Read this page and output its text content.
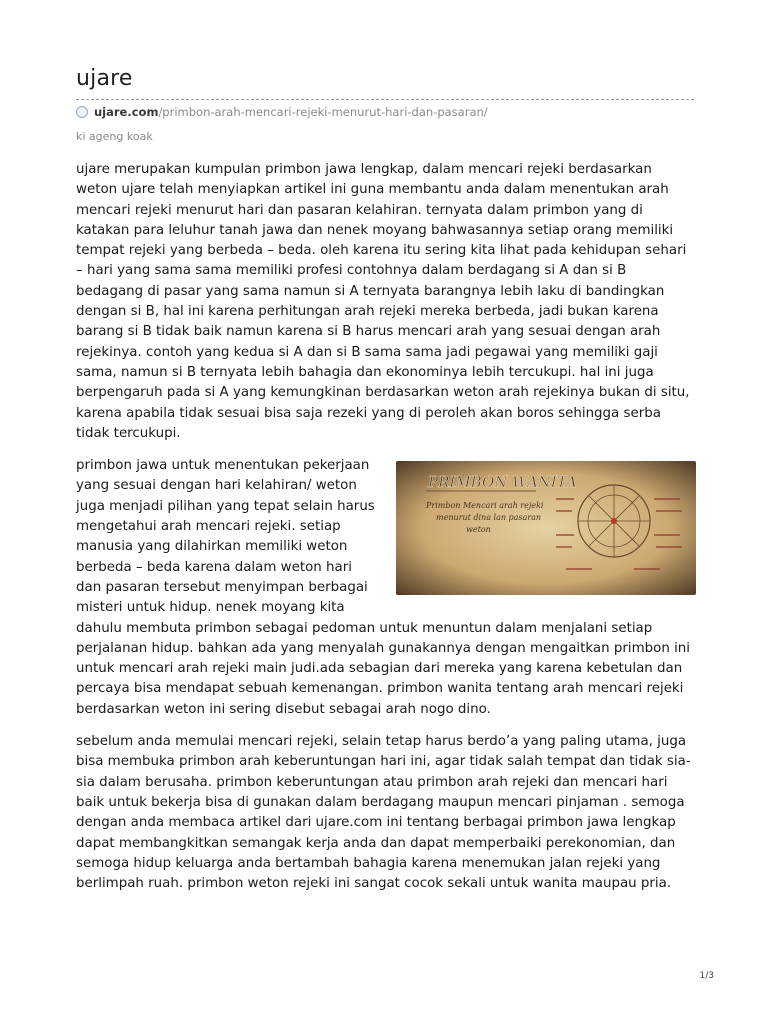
ujare
ujare.com /primbon-arah-mencari-rejeki-menurut-hari-dan-pasaran/
ki ageng koak

ujare merupakan kumpulan primbon jawa lengkap, dalam mencari rejeki berdasarkan weton ujare telah menyiapkan artikel ini guna membantu anda dalam menentukan arah mencari rejeki menurut hari dan pasaran kelahiran. ternyata dalam primbon yang di katakan para leluhur tanah jawa dan nenek moyang bahwasannya setiap orang memiliki tempat rejeki yang berbeda – beda. oleh karena itu sering kita lihat pada kehidupan sehari – hari yang sama sama memiliki profesi contohnya dalam berdagang si A dan si B bedagang di pasar yang sama namun si A ternyata barangnya lebih laku di bandingkan dengan si B, hal ini karena perhitungan arah rejeki mereka berbeda, jadi bukan karena barang si B tidak baik namun karena si B harus mencari arah yang sesuai dengan arah rejekinya. contoh yang kedua si A dan si B sama sama jadi pegawai yang memiliki gaji sama, namun si B ternyata lebih bahagia dan ekonominya lebih tercukupi. hal ini juga berpengaruh pada si A yang kemungkinan berdasarkan weton arah rejekinya bukan di situ, karena apabila tidak sesuai bisa saja rezeki yang di peroleh akan boros sehingga serba tidak tercukupi.

PRIMBON WANITA
Primbon Mencari arah rejeki
menurut dina lan pasaran
weton
primbon jawa untuk menentukan pekerjaan yang sesuai dengan hari kelahiran/ weton juga menjadi pilihan yang tepat selain harus mengetahui arah mencari rejeki. setiap manusia yang dilahirkan memiliki weton berbeda – beda karena dalam weton hari dan pasaran tersebut menyimpan berbagai misteri untuk hidup. nenek moyang kita dahulu membuta primbon sebagai pedoman untuk menuntun dalam menjalani setiap perjalanan hidup. bahkan ada yang menyalah gunakannya dengan mengaitkan primbon ini untuk mencari arah rejeki main judi.ada sebagian dari mereka yang karena kebetulan dan percaya bisa mendapat sebuah kemenangan. primbon wanita tentang arah mencari rejeki berdasarkan weton ini sering disebut sebagai arah nogo dino.

sebelum anda memulai mencari rejeki, selain tetap harus berdo’a yang paling utama, juga bisa membuka primbon arah keberuntungan hari ini, agar tidak salah tempat dan tidak sia- sia dalam berusaha. primbon keberuntungan atau primbon arah rejeki dan mencari hari baik untuk bekerja bisa di gunakan dalam berdagang maupun mencari pinjaman . semoga dengan anda membaca artikel dari ujare.com ini tentang berbagai primbon jawa lengkap dapat membangkitkan semangak kerja anda dan dapat memperbaiki perekonomian, dan semoga hidup keluarga anda bertambah bahagia karena menemukan jalan rejeki yang berlimpah ruah. primbon weton rejeki ini sangat cocok sekali untuk wanita maupau pria.

1/3
